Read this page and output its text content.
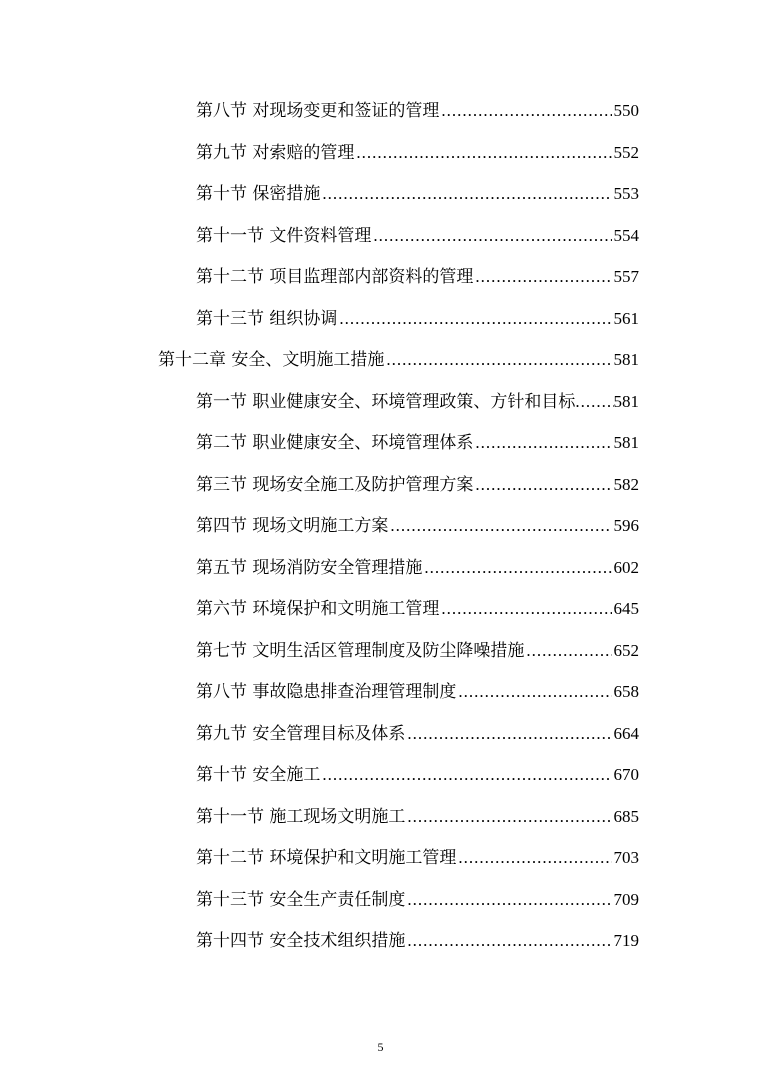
第八节 对现场变更和签证的管理 .....	550
第九节 对索赔的管理 .....	552
第十节 保密措施 .....	553
第十一节 文件资料管理 .....	554
第十二节 项目监理部内部资料的管理 .....	557
第十三节 组织协调 .....	561
第十二章 安全、文明施工措施 .....	581
第一节 职业健康安全、环境管理政策、方针和目标 ..... 581
第二节 职业健康安全、环境管理体系 .....	581
第三节 现场安全施工及防护管理方案 .....	582
第四节 现场文明施工方案 .....	596
第五节 现场消防安全管理措施 .....	602
第六节 环境保护和文明施工管理 .....	645
第七节 文明生活区管理制度及防尘降噪措施 .....	652
第八节 事故隐患排查治理管理制度 .....	658
第九节 安全管理目标及体系 .....	664
第十节 安全施工 .....	670
第十一节 施工现场文明施工 .....	685
第十二节 环境保护和文明施工管理 .....	703
第十三节 安全生产责任制度 .....	709
第十四节 安全技术组织措施 .....	719
5
